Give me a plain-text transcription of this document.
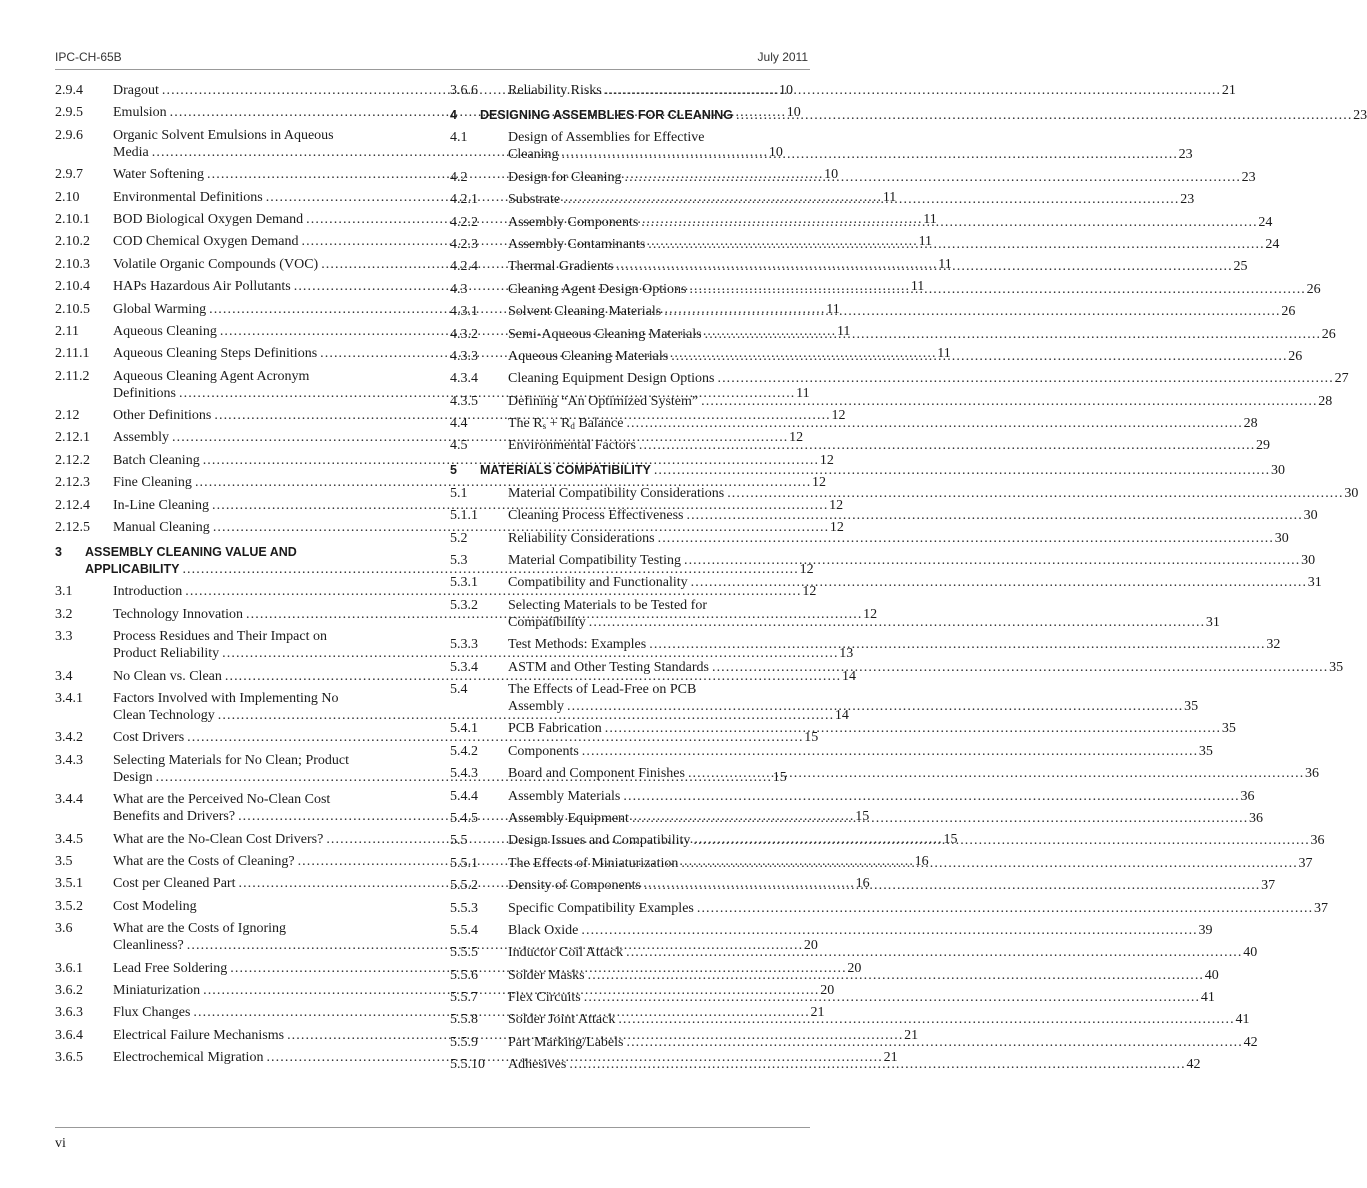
IPC-CH-65B	July 2011
2.9.4	Dragout . . .	10
2.9.5	Emulsion . . .	10
2.9.6	Organic Solvent Emulsions in Aqueous
Media . . .	10
2.9.7	Water Softening . . .	10
2.10	Environmental Definitions . . .	11
2.10.1	BOD Biological Oxygen Demand . . .	11
2.10.2	COD Chemical Oxygen Demand . . .	11
2.10.3	Volatile Organic Compounds (VOC) . . .	11
2.10.4	HAPs Hazardous Air Pollutants . . .	11
2.10.5	Global Warming . . .	11
2.11	Aqueous Cleaning . . .	11
2.11.1	Aqueous Cleaning Steps Definitions . . .	11
2.11.2	Aqueous Cleaning Agent Acronym
Definitions . . .	11
2.12	Other Definitions . . .	12
2.12.1	Assembly . . .	12
2.12.2	Batch Cleaning . . .	12
2.12.3	Fine Cleaning . . .	12
2.12.4	In-Line Cleaning . . .	12
2.12.5	Manual Cleaning . . .	12
3	ASSEMBLY CLEANING VALUE AND
APPLICABILITY . . .	12
3.1	Introduction . . .	12
3.2	Technology Innovation . . .	12
3.3	Process Residues and Their Impact on
Product Reliability . . .	13
3.4	No Clean vs. Clean . . .	14
3.4.1	Factors Involved with Implementing No
Clean Technology . . .	14
3.4.2	Cost Drivers . . .	15
3.4.3	Selecting Materials for No Clean; Product
Design . . .	15
3.4.4	What are the Perceived No-Clean Cost
Benefits and Drivers? . . .	15
3.4.5	What are the No-Clean Cost Drivers? . . .	15
3.5	What are the Costs of Cleaning? . . .	16
3.5.1	Cost per Cleaned Part . . .	16
3.5.2	Cost Modeling
3.6	What are the Costs of Ignoring
Cleanliness? . . .	20
3.6.1	Lead Free Soldering . . .	20
3.6.2	Miniaturization . . .	20
3.6.3	Flux Changes . . .	21
3.6.4	Electrical Failure Mechanisms . . .	21
3.6.5	Electrochemical Migration . . .	21
3.6.6	Reliability Risks . . .	21
4	DESIGNING ASSEMBLIES FOR CLEANING . . .	23
4.1	Design of Assemblies for Effective
Cleaning . . .	23
4.2	Design for Cleaning . . .	23
4.2.1	Substrate . . .	23
4.2.2	Assembly Components . . .	24
4.2.3	Assembly Contaminants . . .	24
4.2.4	Thermal Gradients . . .	25
4.3	Cleaning Agent Design Options . . .	26
4.3.1	Solvent Cleaning Materials . . .	26
4.3.2	Semi-Aqueous Cleaning Materials . . .	26
4.3.3	Aqueous Cleaning Materials . . .	26
4.3.4	Cleaning Equipment Design Options . . .	27
4.3.5	Defining “An Optimized System” . . .	28
4.4	The $R_s + R_d$ Balance . . .	28
4.5	Environmental Factors . . .	29
5	MATERIALS COMPATIBILITY . . .	30
5.1	Material Compatibility Considerations . . .	30
5.1.1	Cleaning Process Effectiveness . . .	30
5.2	Reliability Considerations . . .	30
5.3	Material Compatibility Testing . . .	30
5.3.1	Compatibility and Functionality . . .	31
5.3.2	Selecting Materials to be Tested for
Compatibility . . .	31
5.3.3	Test Methods: Examples . . .	32
5.3.4	ASTM and Other Testing Standards . . .	35
5.4	The Effects of Lead-Free on PCB
Assembly . . .	35
5.4.1	PCB Fabrication . . .	35
5.4.2	Components . . .	35
5.4.3	Board and Component Finishes . . .	36
5.4.4	Assembly Materials . . .	36
5.4.5	Assembly Equipment . . .	36
5.5	Design Issues and Compatibility . . .	36
5.5.1	The Effects of Miniaturization . . .	37
5.5.2	Density of Components . . .	37
5.5.3	Specific Compatibility Examples . . .	37
5.5.4	Black Oxide . . .	39
5.5.5	Inductor Coil Attack . . .	40
5.5.6	Solder Masks . . .	40
5.5.7	Flex Circuits . . .	41
5.5.8	Solder Joint Attack . . .	41
5.5.9	Part Marking/Labels . . .	42
5.5.10	Adhesives . . .	42
vi
